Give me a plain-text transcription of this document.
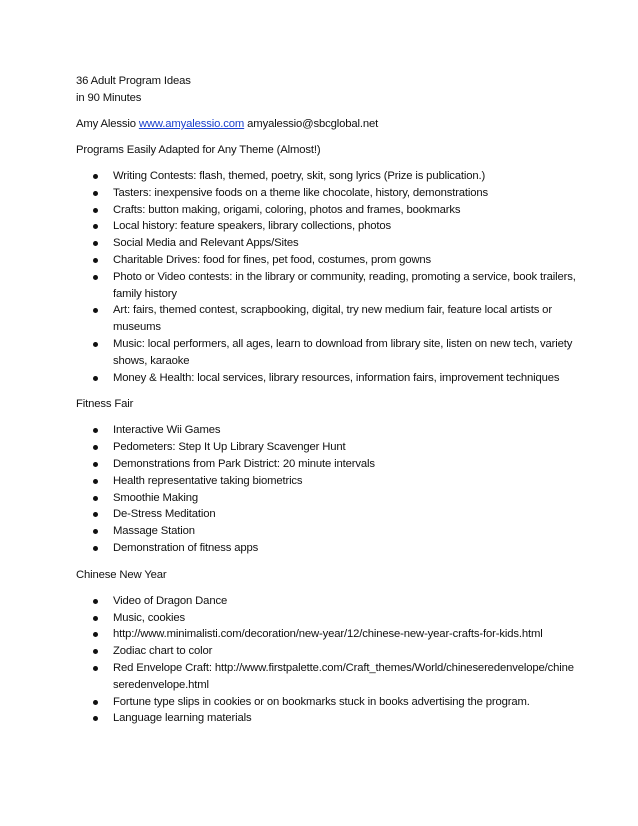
36 Adult Program Ideas

in 90 Minutes

Amy Alessio www.amyalessio.com amyalessio@sbcglobal.net

Programs Easily Adapted for Any Theme (Almost!)

Writing Contests: flash, themed, poetry, skit, song lyrics (Prize is publication.)
Tasters: inexpensive foods on a theme like chocolate, history, demonstrations
Crafts: button making, origami, coloring, photos and frames, bookmarks
Local history: feature speakers, library collections, photos
Social Media and Relevant Apps/Sites
Charitable Drives: food for fines, pet food, costumes, prom gowns
Photo or Video contests: in the library or community, reading, promoting a service, book trailers, family history
Art: fairs, themed contest, scrapbooking, digital, try new medium fair, feature local artists or museums
Music: local performers, all ages, learn to download from library site, listen on new tech, variety shows, karaoke
Money & Health: local services, library resources, information fairs, improvement techniques

Fitness Fair

Interactive Wii Games
Pedometers: Step It Up Library Scavenger Hunt
Demonstrations from Park District: 20 minute intervals
Health representative taking biometrics
Smoothie Making
De-Stress Meditation
Massage Station
Demonstration of fitness apps

Chinese New Year

Video of Dragon Dance
Music, cookies
http://www.minimalisti.com/decoration/new-year/12/chinese-new-year-crafts-for-kids.html
Zodiac chart to color
Red Envelope Craft: http://www.firstpalette.com/Craft_themes/World/chineseredenvelope/chineseredenvelope.html
Fortune type slips in cookies or on bookmarks stuck in books advertising the program.
Language learning materials
